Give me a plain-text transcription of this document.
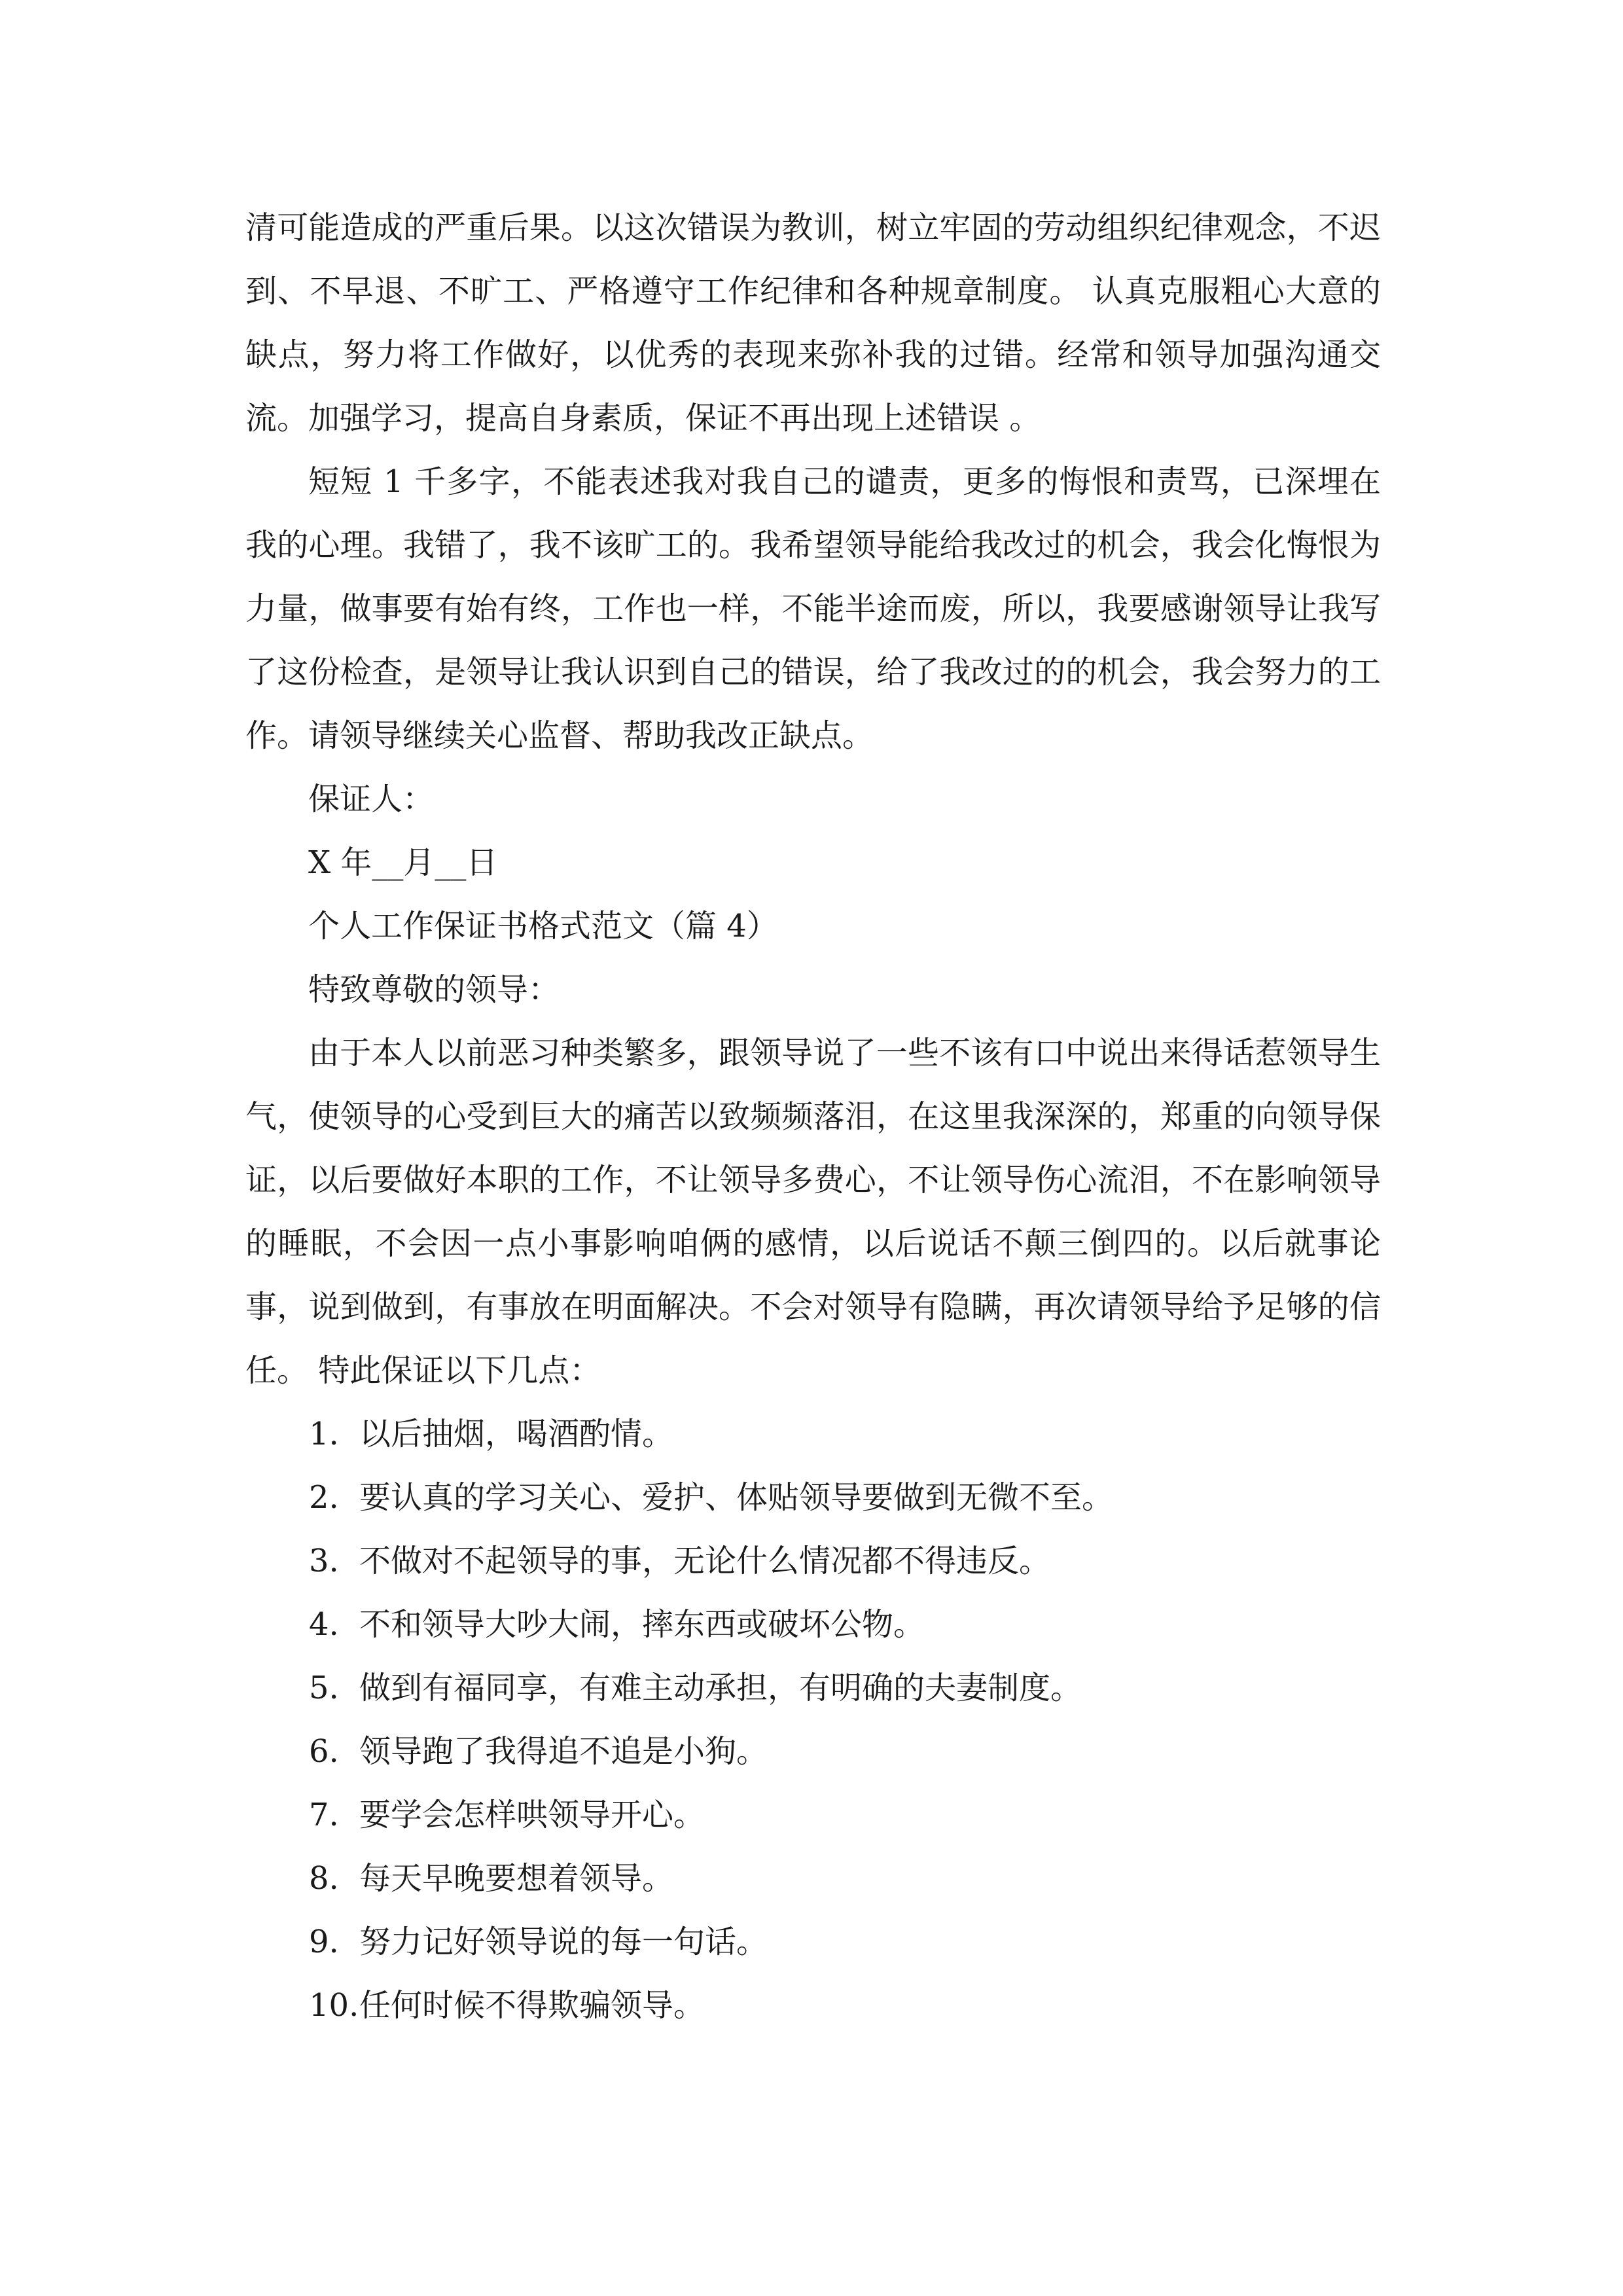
清可能造成的严重后果。以这次错误为教训，树立牢固的劳动组织纪律观念，不迟到、不早退、不旷工、严格遵守工作纪律和各种规章制度。 认真克服粗心大意的缺点，努力将工作做好，以优秀的表现来弥补我的过错。经常和领导加强沟通交流。加强学习，提高自身素质，保证不再出现上述错误 。

短短 1 千多字，不能表述我对我自己的谴责，更多的悔恨和责骂，已深埋在我的心理。我错了，我不该旷工的。我希望领导能给我改过的机会，我会化悔恨为力量，做事要有始有终，工作也一样，不能半途而废，所以，我要感谢领导让我写了这份检查，是领导让我认识到自己的错误，给了我改过的的机会，我会努力的工作。请领导继续关心监督、帮助我改正缺点。

保证人：

X 年__月__日

个人工作保证书格式范文（篇 4）

特致尊敬的领导：

由于本人以前恶习种类繁多，跟领导说了一些不该有口中说出来得话惹领导生气，使领导的心受到巨大的痛苦以致频频落泪，在这里我深深的，郑重的向领导保证，以后要做好本职的工作，不让领导多费心，不让领导伤心流泪，不在影响领导的睡眠，不会因一点小事影响咱俩的感情，以后说话不颠三倒四的。以后就事论事，说到做到，有事放在明面解决。不会对领导有隐瞒，再次请领导给予足够的信任。 特此保证以下几点：

1. 以后抽烟，喝酒酌情。

2. 要认真的学习关心、爱护、体贴领导要做到无微不至。

3. 不做对不起领导的事，无论什么情况都不得违反。

4. 不和领导大吵大闹，摔东西或破坏公物。

5. 做到有福同享，有难主动承担，有明确的夫妻制度。

6. 领导跑了我得追不追是小狗。

7. 要学会怎样哄领导开心。

8. 每天早晚要想着领导。

9. 努力记好领导说的每一句话。

10.任何时候不得欺骗领导。
